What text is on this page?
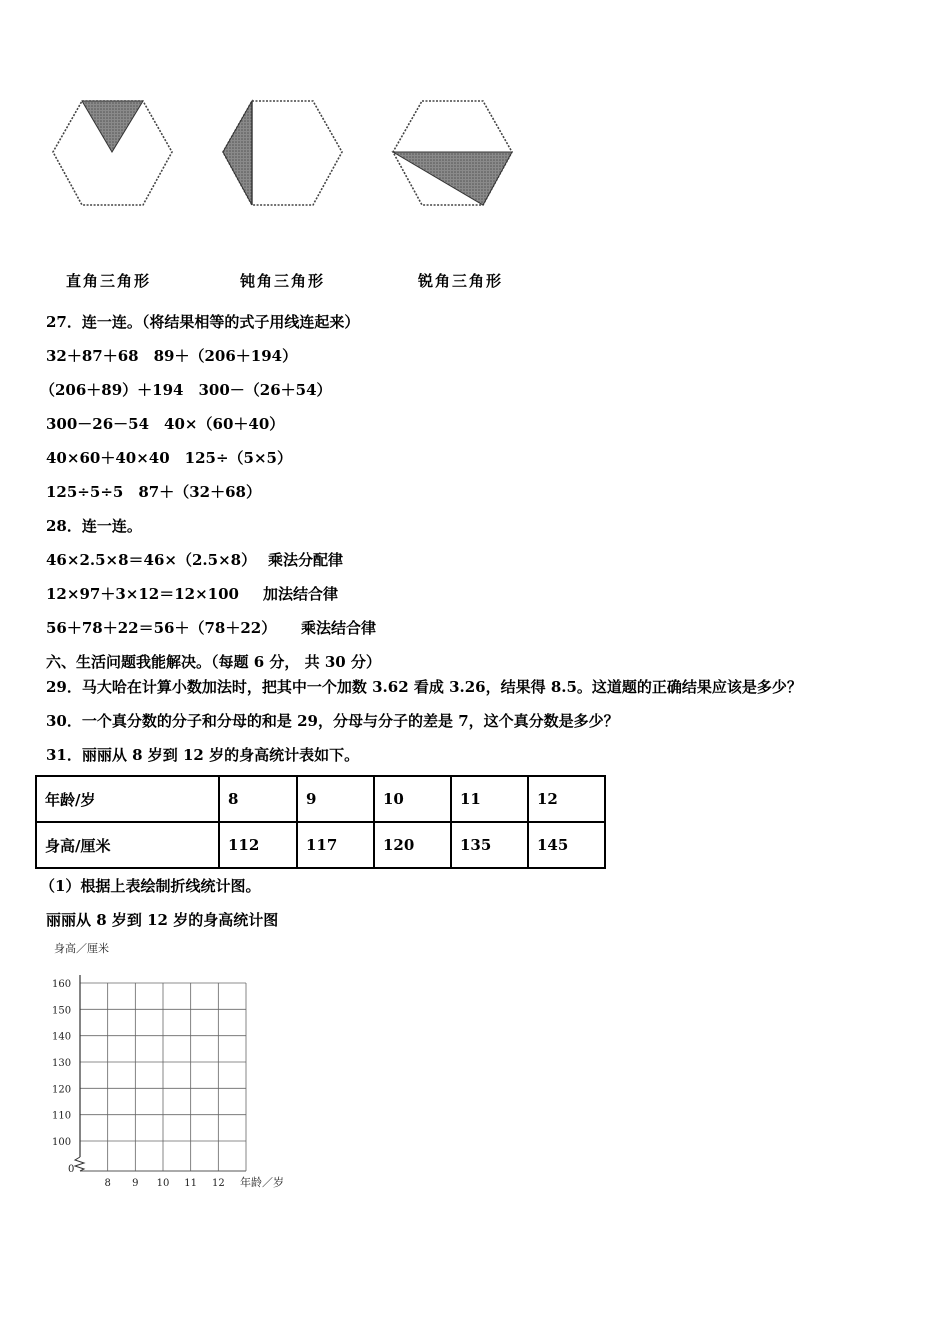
直角三角形	钝角三角形	锐角三角形
27．连一连。（将结果相等的式子用线连起来）
32＋87＋68　89＋（206＋194）
（206＋89）＋194　300－（26＋54）
300－26－54　40×（60＋40）
40×60＋40×40　125÷（5×5）
125÷5÷5　87＋（32＋68）
28．连一连。
46×2.5×8＝46×（2.5×8） 乘法分配律
12×97＋3×12＝12×100 加法结合律
56＋78＋22＝56＋（78＋22） 乘法结合律
六、生活问题我能解决。（每题 6 分， 共 30 分）
29．马大哈在计算小数加法时，把其中一个加数 3.62 看成 3.26，结果得 8.5。这道题的正确结果应该是多少？
30．一个真分数的分子和分母的和是 29，分母与分子的差是 7，这个真分数是多少？
31．丽丽从 8 岁到 12 岁的身高统计表如下。
年龄/岁	8	9	10	11	12
身高/厘米	112	117	120	135	145
（1）根据上表绘制折线统计图。
丽丽从 8 岁到 12 岁的身高统计图
身高／厘米
100
110
120
130
140
150
160
8 9 10 11 12
0
年龄／岁
